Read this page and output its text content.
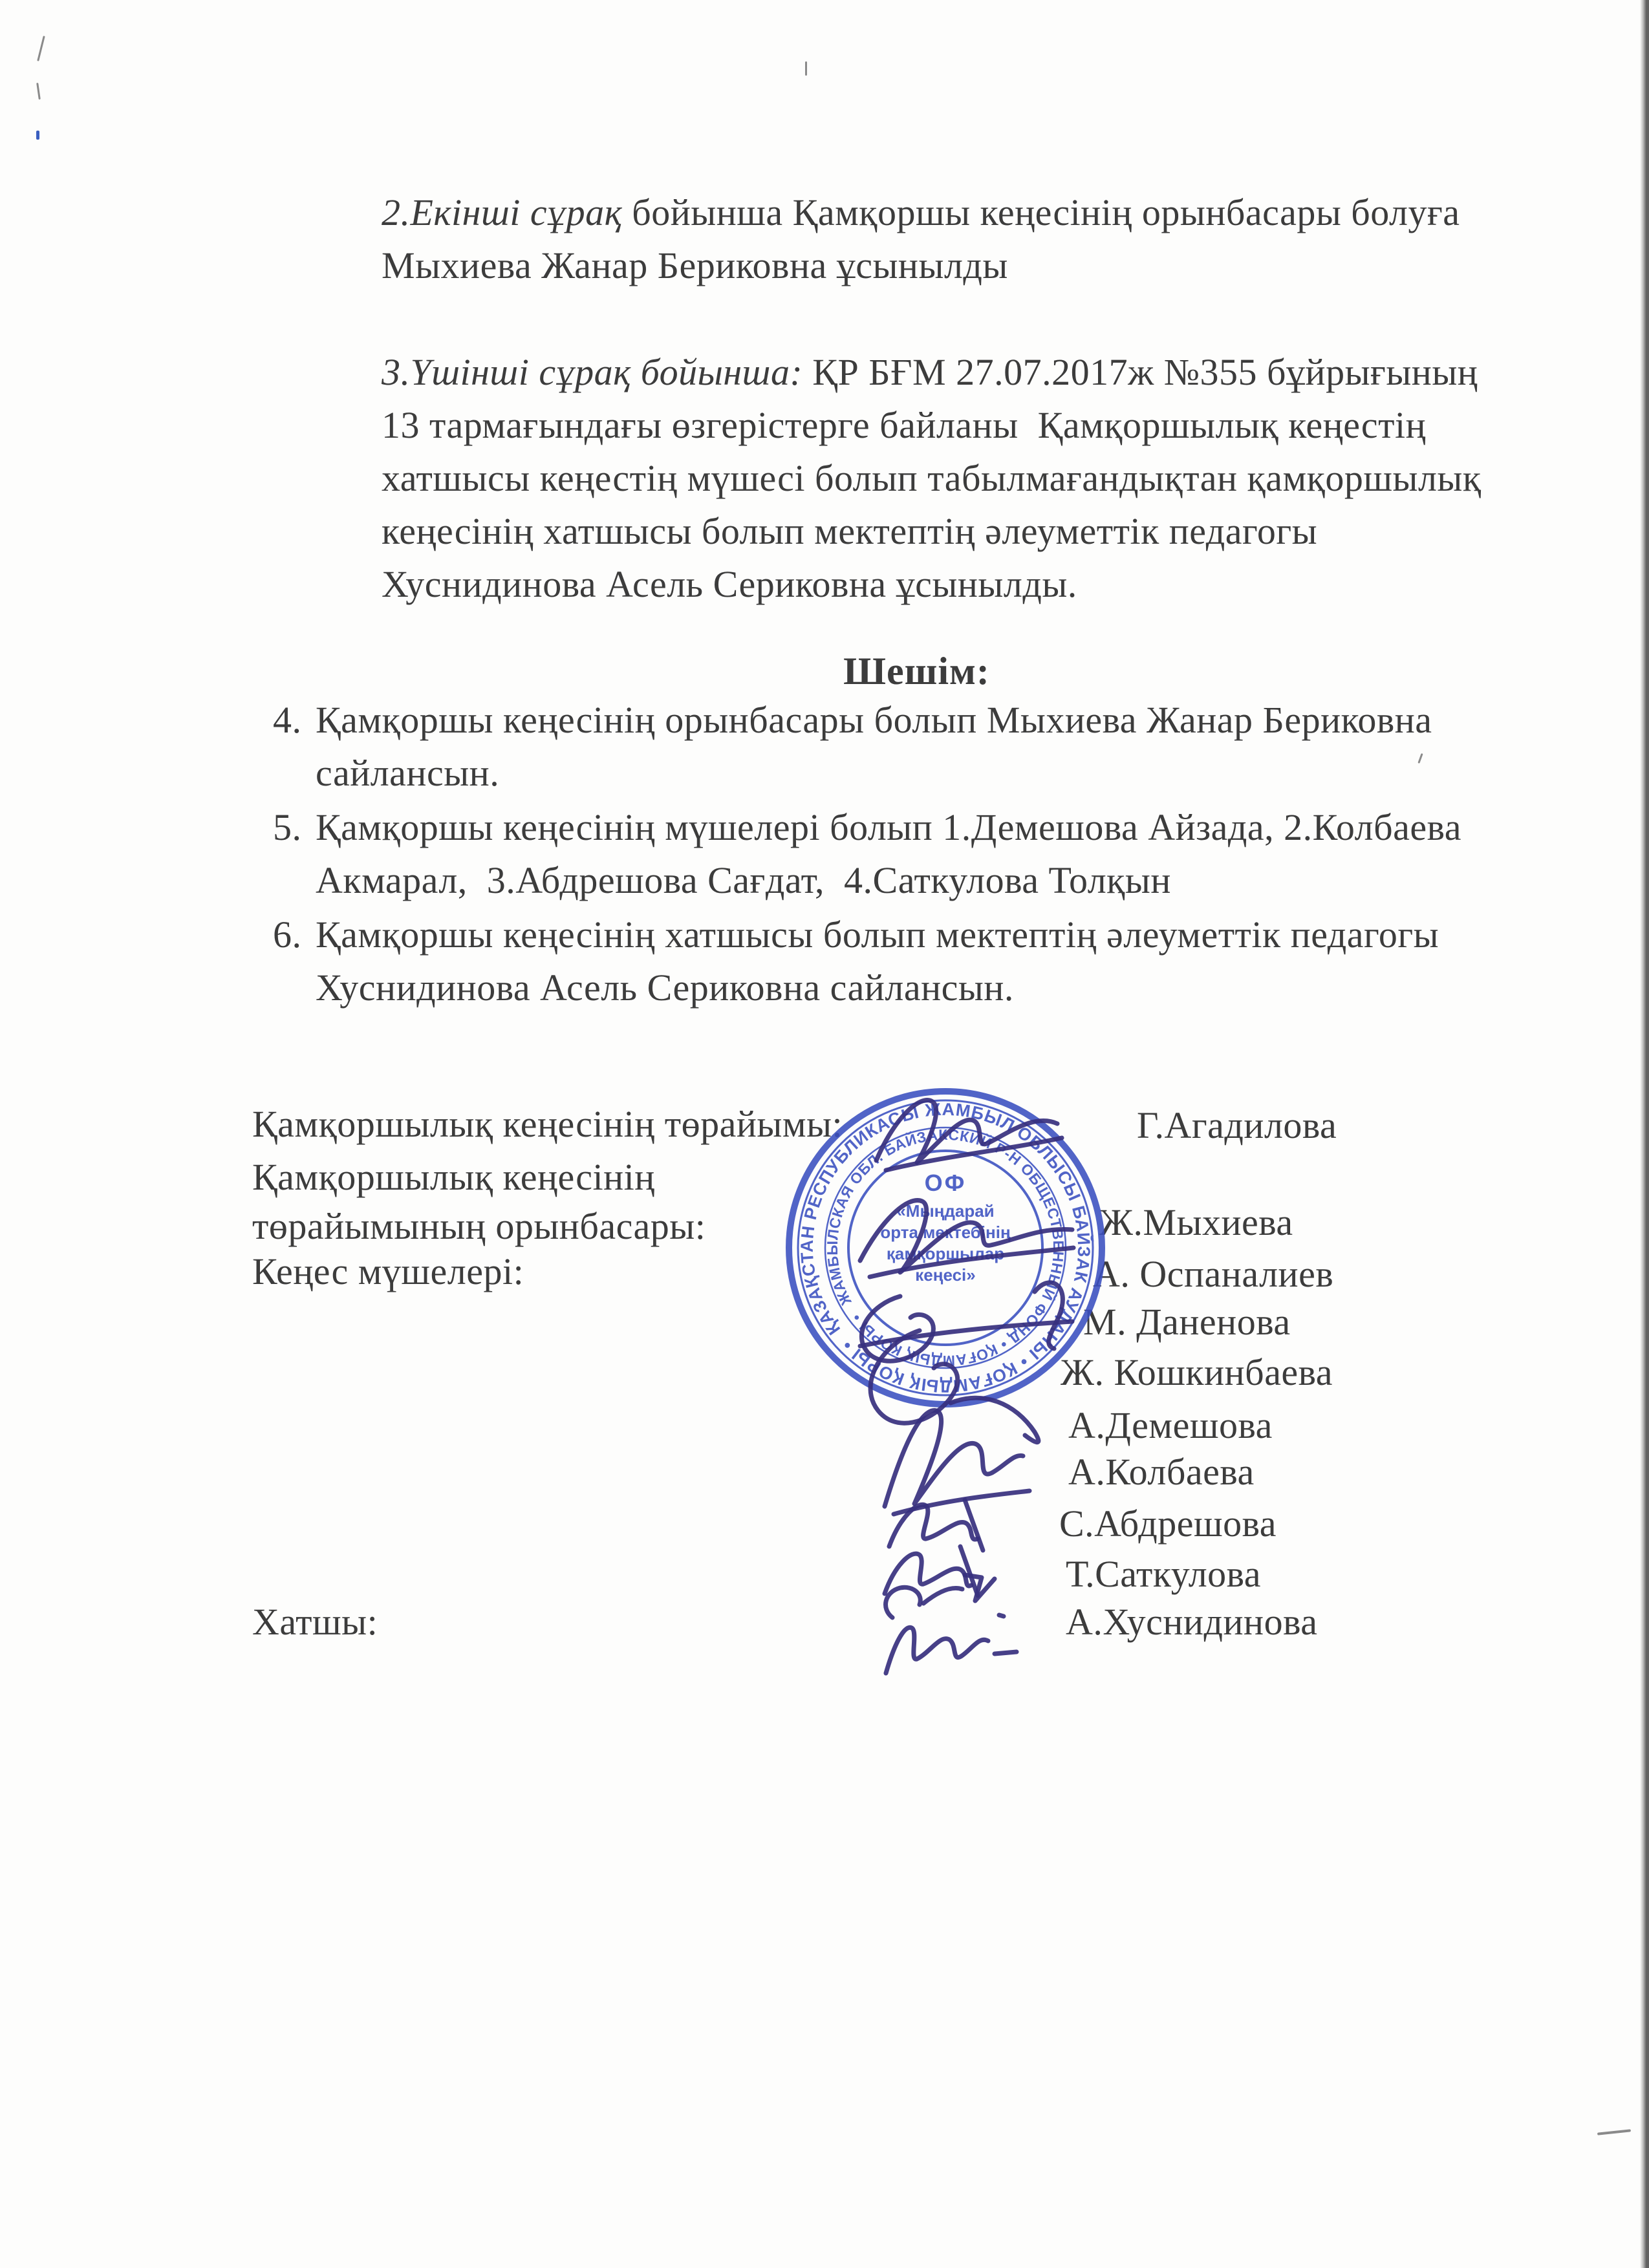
2.Екінші сұрақ бойынша Қамқоршы кеңесінің орынбасары болуға
Мыхиева Жанар Бериковна ұсынылды
3.Үшінші сұрақ бойынша: ҚР БҒМ 27.07.2017ж №355 бұйрығының
13 тармағындағы өзгерістерге байланы  Қамқоршылық кеңестің
хатшысы кеңестің мүшесі болып табылмағандықтан қамқоршылық
кеңесінің хатшысы болып мектептің әлеуметтік педагогы
Хуснидинова Асель Сериковна ұсынылды.
Шешім:
4. Қамқоршы кеңесінің орынбасары болып Мыхиева Жанар Бериковна
сайлансын.
5. Қамқоршы кеңесінің мүшелері болып 1.Демешова Айзада, 2.Колбаева
Акмарал,  3.Абдрешова Сағдат,  4.Саткулова Толқын
6. Қамқоршы кеңесінің хатшысы болып мектептің әлеуметтік педагогы
Хуснидинова Асель Сериковна сайлансын.
Қамқоршылық кеңесінің төрайымы:
Қамқоршылық кеңесінің
төрайымының орынбасары:
Кеңес мүшелері:
Хатшы:
Г.Агадилова
Ж.Мыхиева
А. Оспаналиев
М. Даненова
Ж. Кошкинбаева
А.Демешова
А.Колбаева
С.Абдрешова
Т.Саткулова
А.Хуснидинова
ҚАЗАҚСТАН РЕСПУБЛИКАСЫ ЖАМБЫЛ ОБЛЫСЫ БАЙЗАК АУДАНЫ • ҚОҒАМДЫҚ ҚОРЫ •
ЖАМБЫЛСКАЯ ОБЛ. БАЙЗАКСКИЙ Р-Н ОБЩЕСТВЕННЫЙ ФОНД • ҚОҒАМДЫҚ ҚОРЫ •
ОФ
«Мыңдарай
орта мектебінің
қамқоршылар
кеңесі»
